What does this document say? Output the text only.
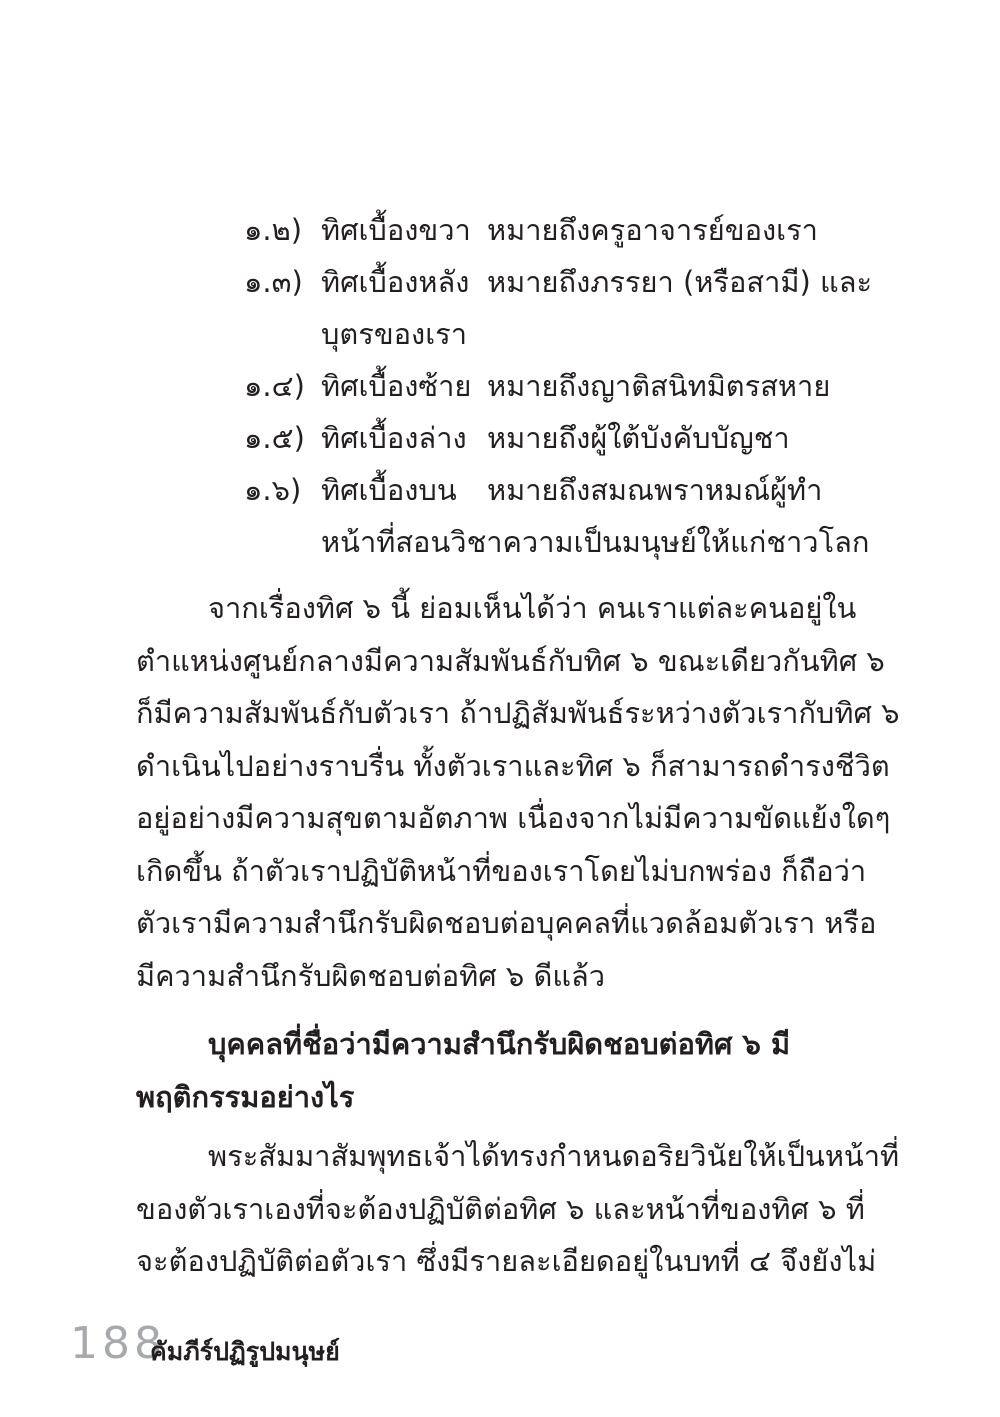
๑.๒) ทิศเบื้องขวา หมายถึงครูอาจารย์ของเรา
๑.๓) ทิศเบื้องหลัง หมายถึงภรรยา (หรือสามี) และ
บุตรของเรา
๑.๔) ทิศเบื้องซ้าย หมายถึงญาติสนิทมิตรสหาย
๑.๕) ทิศเบื้องล่าง หมายถึงผู้ใต้บังคับบัญชา
๑.๖) ทิศเบื้องบน	หมายถึงสมณพราหมณ์ผู้ทำ
หน้าที่สอนวิชาความเป็นมนุษย์ให้แก่ชาวโลก
จากเรื่องทิศ ๖ นี้ ย่อมเห็นได้ว่า คนเราแต่ละคนอยู่ใน
ตำแหน่งศูนย์กลางมีความสัมพันธ์กับทิศ ๖ ขณะเดียวกันทิศ ๖
ก็มีความสัมพันธ์กับตัวเรา ถ้าปฏิสัมพันธ์ระหว่างตัวเรากับทิศ ๖
ดำเนินไปอย่างราบรื่น ทั้งตัวเราและทิศ ๖ ก็สามารถดำรงชีวิต
อยู่อย่างมีความสุขตามอัตภาพ เนื่องจากไม่มีความขัดแย้งใดๆ
เกิดขึ้น ถ้าตัวเราปฏิบัติหน้าที่ของเราโดยไม่บกพร่อง ก็ถือว่า
ตัวเรามีความสำนึกรับผิดชอบต่อบุคคลที่แวดล้อมตัวเรา หรือ
มีความสำนึกรับผิดชอบต่อทิศ ๖ ดีแล้ว
บุคคลที่ชื่อว่ามีความสำนึกรับผิดชอบต่อทิศ ๖ มี
พฤติกรรมอย่างไร
พระสัมมาสัมพุทธเจ้าได้ทรงกำหนดอริยวินัยให้เป็นหน้าที่
ของตัวเราเองที่จะต้องปฏิบัติต่อทิศ ๖ และหน้าที่ของทิศ ๖ ที่
จะต้องปฏิบัติต่อตัวเรา ซึ่งมีรายละเอียดอยู่ในบทที่ ๔ จึงยังไม่
188
คัมภีร์ปฏิรูปมนุษย์
